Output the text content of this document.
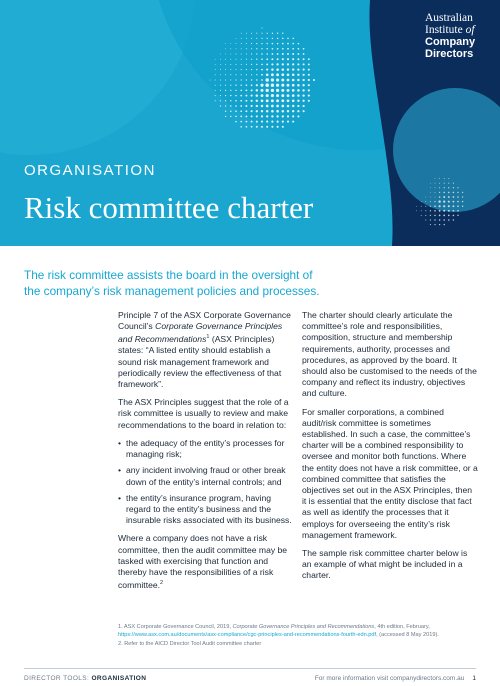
Australian
Institute of
Company
Directors
ORGANISATION
Risk committee charter

The risk committee assists the board in the oversight of the company’s risk management policies and processes.

Principle 7 of the ASX Corporate Governance Council’s Corporate Governance Principles and Recommendations$^1$ (ASX Principles) states: “A listed entity should establish a sound risk management framework and periodically review the effectiveness of that framework”.

The ASX Principles suggest that the role of a risk committee is usually to review and make recommendations to the board in relation to:

• the adequacy of the entity’s processes for managing risk;
• any incident involving fraud or other break down of the entity’s internal controls; and
• the entity’s insurance program, having regard to the entity’s business and the insurable risks associated with its business.

Where a company does not have a risk committee, then the audit committee may be tasked with exercising that function and thereby have the responsibilities of a risk committee.$^2$

The charter should clearly articulate the committee’s role and responsibilities, composition, structure and membership requirements, authority, processes and procedures, as approved by the board. It should also be customised to the needs of the company and reflect its industry, objectives and culture.

For smaller corporations, a combined audit/risk committee is sometimes established. In such a case, the committee’s charter will be a combined responsibility to oversee and monitor both functions. Where the entity does not have a risk committee, or a combined committee that satisfies the objectives set out in the ASX Principles, then it is essential that the entity disclose that fact as well as identify the processes that it employs for overseeing the entity’s risk management framework.

The sample risk committee charter below is an example of what might be included in a charter.

1. ASX Corporate Governance Council, 2019, Corporate Governance Principles and Recommendations, 4th edition, February, https://www.asx.com.au/documents/asx-compliance/cgc-principles-and-recommendations-fourth-edn.pdf, (accessed 8 May 2019).

2. Refer to the AICD Director Tool Audit committee charter

DIRECTOR TOOLS: ORGANISATION	For more information visit companydirectors.com.au 1
